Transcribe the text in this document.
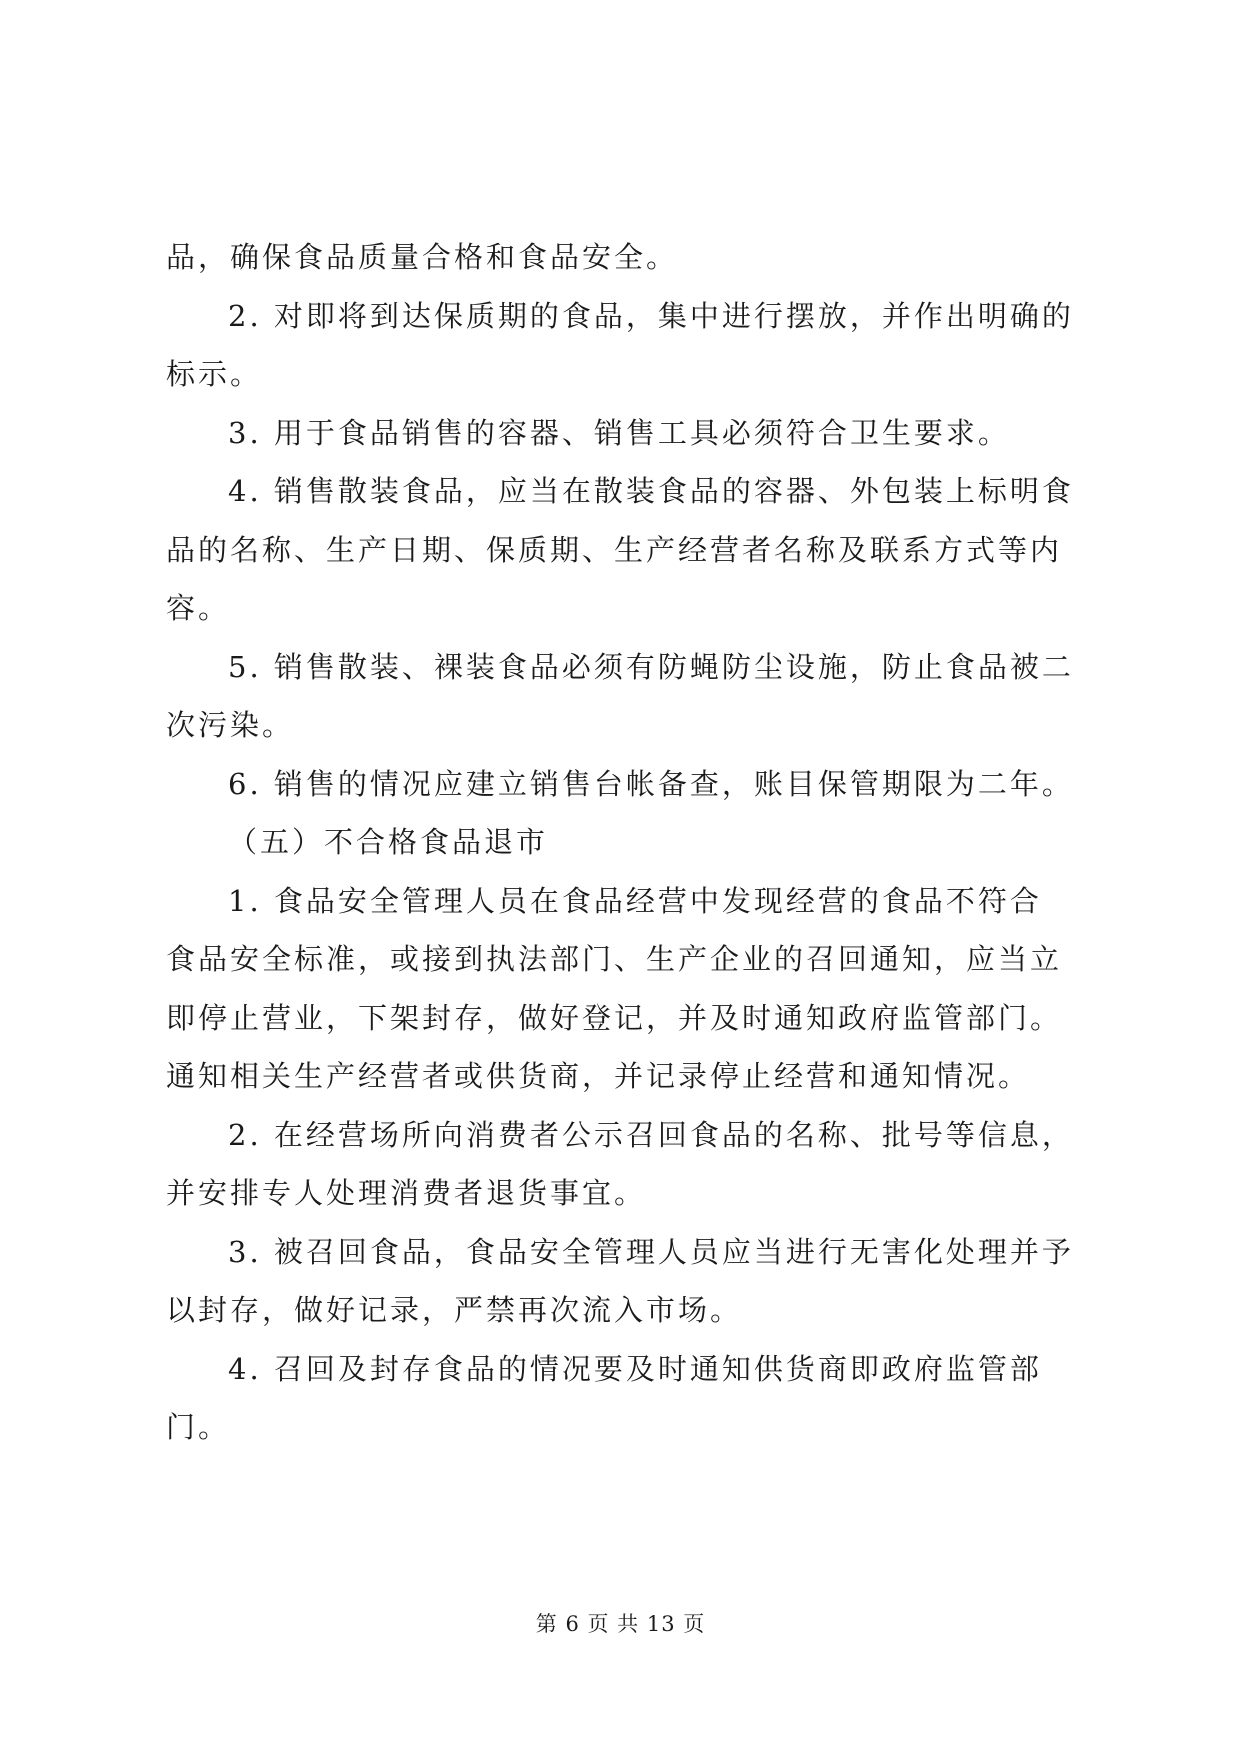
品，确保食品质量合格和食品安全。
2. 对即将到达保质期的食品，集中进行摆放，并作出明确的
标示。
3. 用于食品销售的容器、销售工具必须符合卫生要求。
4. 销售散装食品，应当在散装食品的容器、外包装上标明食
品的名称、生产日期、保质期、生产经营者名称及联系方式等内
容。
5. 销售散装、裸装食品必须有防蝇防尘设施，防止食品被二
次污染。
6. 销售的情况应建立销售台帐备查，账目保管期限为二年。
（五）不合格食品退市
1. 食品安全管理人员在食品经营中发现经营的食品不符合
食品安全标准，或接到执法部门、生产企业的召回通知，应当立
即停止营业，下架封存，做好登记，并及时通知政府监管部门。
通知相关生产经营者或供货商，并记录停止经营和通知情况。
2. 在经营场所向消费者公示召回食品的名称、批号等信息，
并安排专人处理消费者退货事宜。
3. 被召回食品，食品安全管理人员应当进行无害化处理并予
以封存，做好记录，严禁再次流入市场。
4. 召回及封存食品的情况要及时通知供货商即政府监管部
门。
第 6 页 共 13 页
